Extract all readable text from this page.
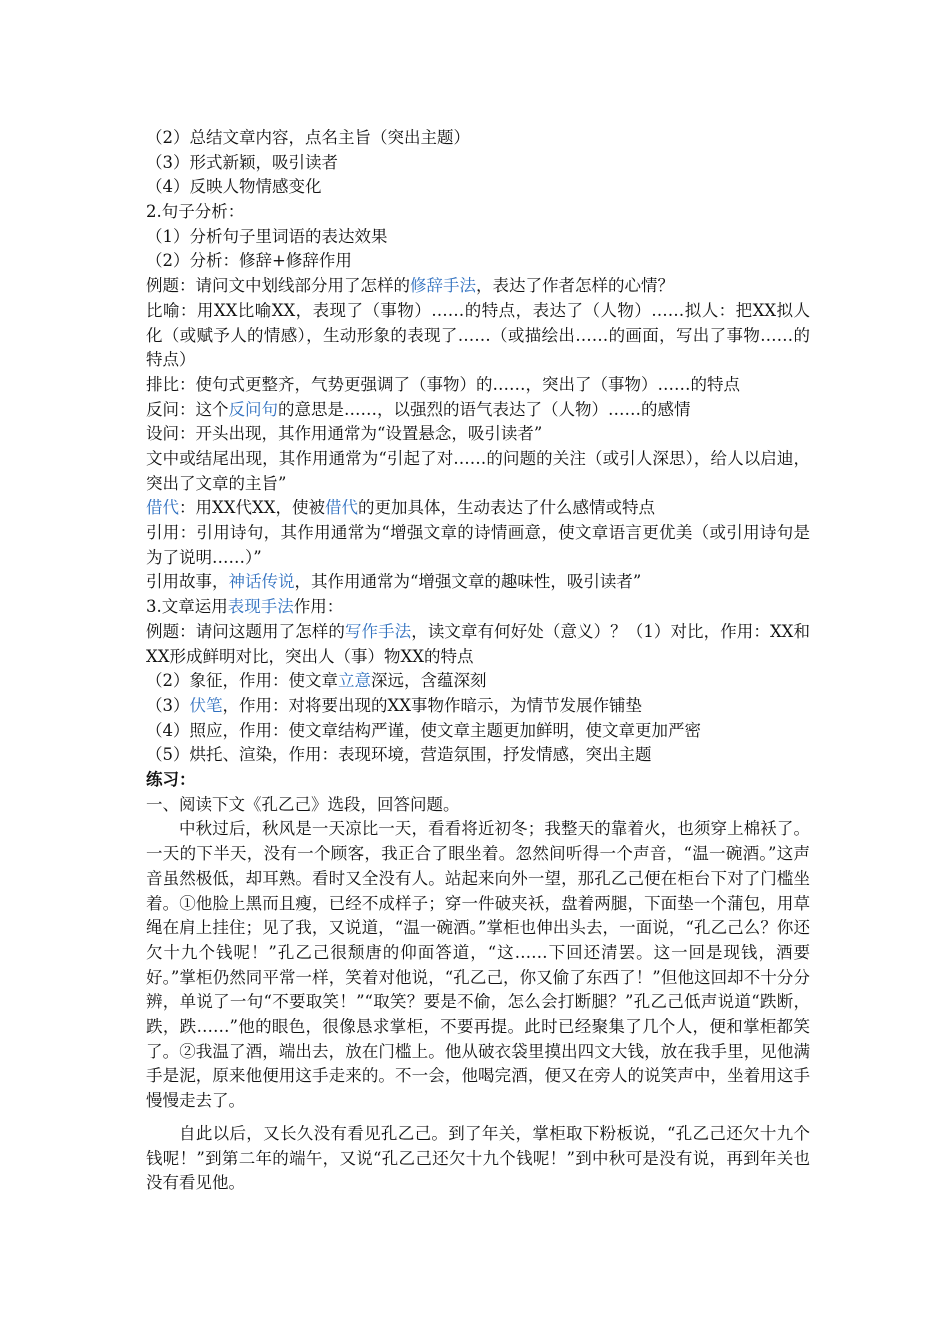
（2）总结文章内容，点名主旨（突出主题）
（3）形式新颖，吸引读者
（4）反映人物情感变化
2.句子分析：
（1）分析句子里词语的表达效果
（2）分析：修辞+修辞作用
例题：请问文中划线部分用了怎样的修辞手法，表达了作者怎样的心情？
比喻：用XX比喻XX，表现了（事物）……的特点，表达了（人物）……拟人：把XX拟人化（或赋予人的情感），生动形象的表现了……（或描绘出……的画面，写出了事物……的特点）
排比：使句式更整齐，气势更强调了（事物）的……，突出了（事物）……的特点
反问：这个反问句的意思是……，以强烈的语气表达了（人物）……的感情
设问：开头出现，其作用通常为“设置悬念，吸引读者”
文中或结尾出现，其作用通常为“引起了对……的问题的关注（或引人深思），给人以启迪，突出了文章的主旨”
借代：用XX代XX，使被借代的更加具体，生动表达了什么感情或特点
引用：引用诗句，其作用通常为“增强文章的诗情画意，使文章语言更优美（或引用诗句是为了说明……）”
引用故事，神话传说，其作用通常为“增强文章的趣味性，吸引读者”
3.文章运用表现手法作用：
例题：请问这题用了怎样的写作手法，读文章有何好处（意义）？（1）对比，作用：XX和XX形成鲜明对比，突出人（事）物XX的特点
（2）象征，作用：使文章立意深远，含蕴深刻
（3）伏笔，作用：对将要出现的XX事物作暗示，为情节发展作铺垫
（4）照应，作用：使文章结构严谨，使文章主题更加鲜明，使文章更加严密
（5）烘托、渲染，作用：表现环境，营造氛围，抒发情感，突出主题
练习：
一、阅读下文《孔乙己》选段，回答问题。
中秋过后，秋风是一天凉比一天，看看将近初冬；我整天的靠着火，也须穿上棉袄了。一天的下半天，没有一个顾客，我正合了眼坐着。忽然间听得一个声音，“温一碗酒。”这声音虽然极低，却耳熟。看时又全没有人。站起来向外一望，那孔乙己便在柜台下对了门槛坐着。①他脸上黑而且瘦，已经不成样子；穿一件破夹袄，盘着两腿，下面垫一个蒲包，用草绳在肩上挂住；见了我，又说道，“温一碗酒。”掌柜也伸出头去，一面说，“孔乙己么？你还欠十九个钱呢！”孔乙己很颓唐的仰面答道，“这……下回还清罢。这一回是现钱，酒要好。”掌柜仍然同平常一样，笑着对他说，“孔乙己，你又偷了东西了！”但他这回却不十分分辨，单说了一句“不要取笑！”“取笑？要是不偷，怎么会打断腿？”孔乙己低声说道“跌断，跌，跌……”他的眼色，很像恳求掌柜，不要再提。此时已经聚集了几个人，便和掌柜都笑了。②我温了酒，端出去，放在门槛上。他从破衣袋里摸出四文大钱，放在我手里，见他满手是泥，原来他便用这手走来的。不一会，他喝完酒，便又在旁人的说笑声中，坐着用这手慢慢走去了。
自此以后，又长久没有看见孔乙己。到了年关，掌柜取下粉板说，“孔乙己还欠十九个钱呢！”到第二年的端午，又说“孔乙己还欠十九个钱呢！”到中秋可是没有说，再到年关也没有看见他。
